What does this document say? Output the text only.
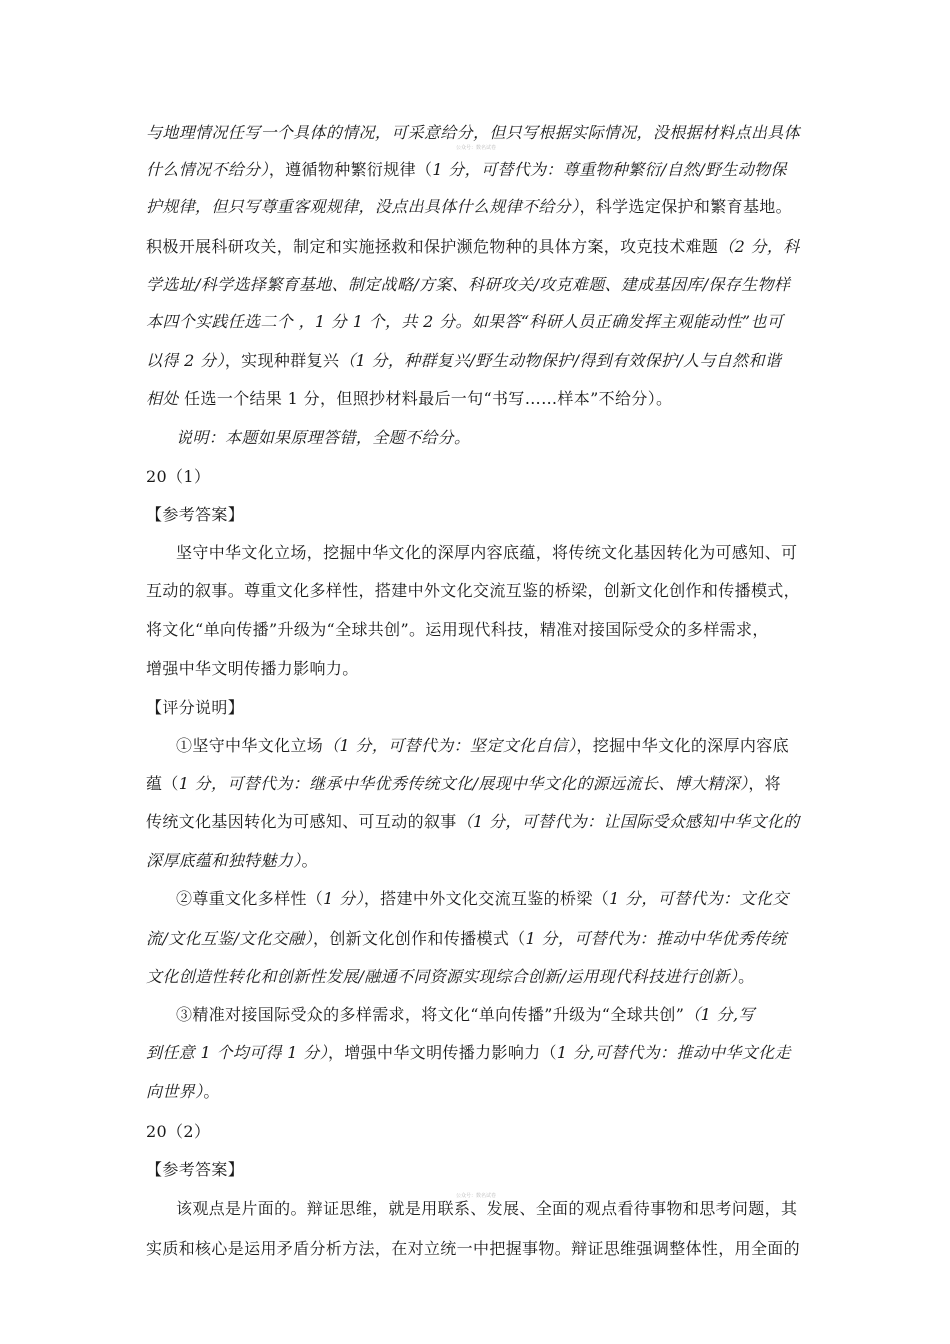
公众号：数名试卷
公众号：数名试卷
与地理情况任写一个具体的情况，可采意给分，但只写根据实际情况，没根据材料点出具体
什么情况不给分），遵循物种繁衍规律（1 分，可替代为：尊重物种繁衍/自然/野生动物保
护规律，但只写尊重客观规律，没点出具体什么规律不给分），科学选定保护和繁育基地。
积极开展科研攻关，制定和实施拯救和保护濒危物种的具体方案，攻克技术难题（2 分，科
学选址/科学选择繁育基地、制定战略/方案、科研攻关/攻克难题、建成基因库/保存生物样
本四个实践任选二个 ，1 分 1 个，共 2 分。如果答“科研人员正确发挥主观能动性”也可
以得 2 分），实现种群复兴（1 分，种群复兴/野生动物保护/得到有效保护/人与自然和谐
相处 任选一个结果 1 分，但照抄材料最后一句“书写……样本”不给分）。
说明：本题如果原理答错，全题不给分。
20（1）
【参考答案】
坚守中华文化立场，挖掘中华文化的深厚内容底蕴，将传统文化基因转化为可感知、可
互动的叙事。尊重文化多样性，搭建中外文化交流互鉴的桥梁，创新文化创作和传播模式，
将文化“单向传播”升级为“全球共创”。运用现代科技，精准对接国际受众的多样需求，
增强中华文明传播力影响力。
【评分说明】
①坚守中华文化立场（1 分，可替代为：坚定文化自信），挖掘中华文化的深厚内容底
蕴（1 分，可替代为：继承中华优秀传统文化/展现中华文化的源远流长、博大精深），将
传统文化基因转化为可感知、可互动的叙事（1 分，可替代为：让国际受众感知中华文化的
深厚底蕴和独特魅力）。
②尊重文化多样性（1 分），搭建中外文化交流互鉴的桥梁（1 分，可替代为：文化交
流/文化互鉴/文化交融），创新文化创作和传播模式（1 分，可替代为：推动中华优秀传统
文化创造性转化和创新性发展/融通不同资源实现综合创新/运用现代科技进行创新）。
③精准对接国际受众的多样需求，将文化“单向传播”升级为“全球共创”（1 分,写
到任意 1 个均可得 1 分），增强中华文明传播力影响力（1 分,可替代为：推动中华文化走
向世界）。
20（2）
【参考答案】
该观点是片面的。辩证思维，就是用联系、发展、全面的观点看待事物和思考问题，其
实质和核心是运用矛盾分析方法，在对立统一中把握事物。辩证思维强调整体性，用全面的
